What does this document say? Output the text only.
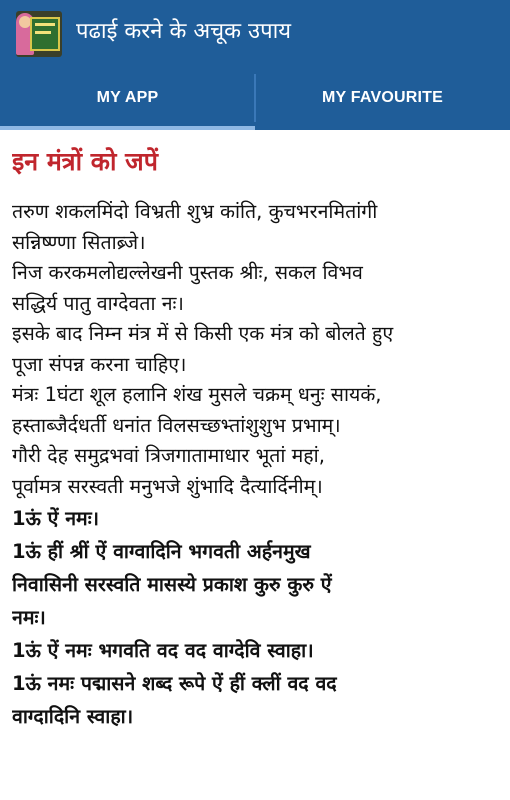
पढाई करने के अचूक उपाय
MY APP	MY FAVOURITE
इन मंत्रों को जपें
तरुण शकलमिंदो विभ्रती शुभ्र कांति, कुचभरनमितांगी
सन्निष्ण्णा सिताब्र्जे।
निज करकमलोद्यल्लेखनी पुस्तक श्रीः, सकल विभव
सद्धिर्य पातु वाग्देवता नः।
इसके बाद निम्न मंत्र में से किसी एक मंत्र को बोलते हुए
पूजा संपन्न करना चाहिए।
मंत्रः 1घंटा शूल हलानि शंख मुसले चक्रम् धनुः सायकं,
हस्ताब्जैर्दधर्ती धनांत विलसच्छभ्तांशुशुभ प्रभाम्।
गौरी देह समुद्रभवां त्रिजगातामाधार भूतां महां,
पूर्वामत्र सरस्वती मनुभजे शुंभादि दैत्यार्दिनीम्।
1ऊं ऐं नमः।
1ऊं हीं श्रीं ऐं वाग्वादिनि भगवती अर्हनमुख
निवासिनी सरस्वति मासस्ये प्रकाश कुरु कुरु ऐं
नमः।
1ऊं ऐं नमः भगवति वद वद वाग्देवि स्वाहा।
1ऊं नमः पद्मासने शब्द रूपे ऐं हीं क्लीं वद वद
वाग्दादिनि स्वाहा।
